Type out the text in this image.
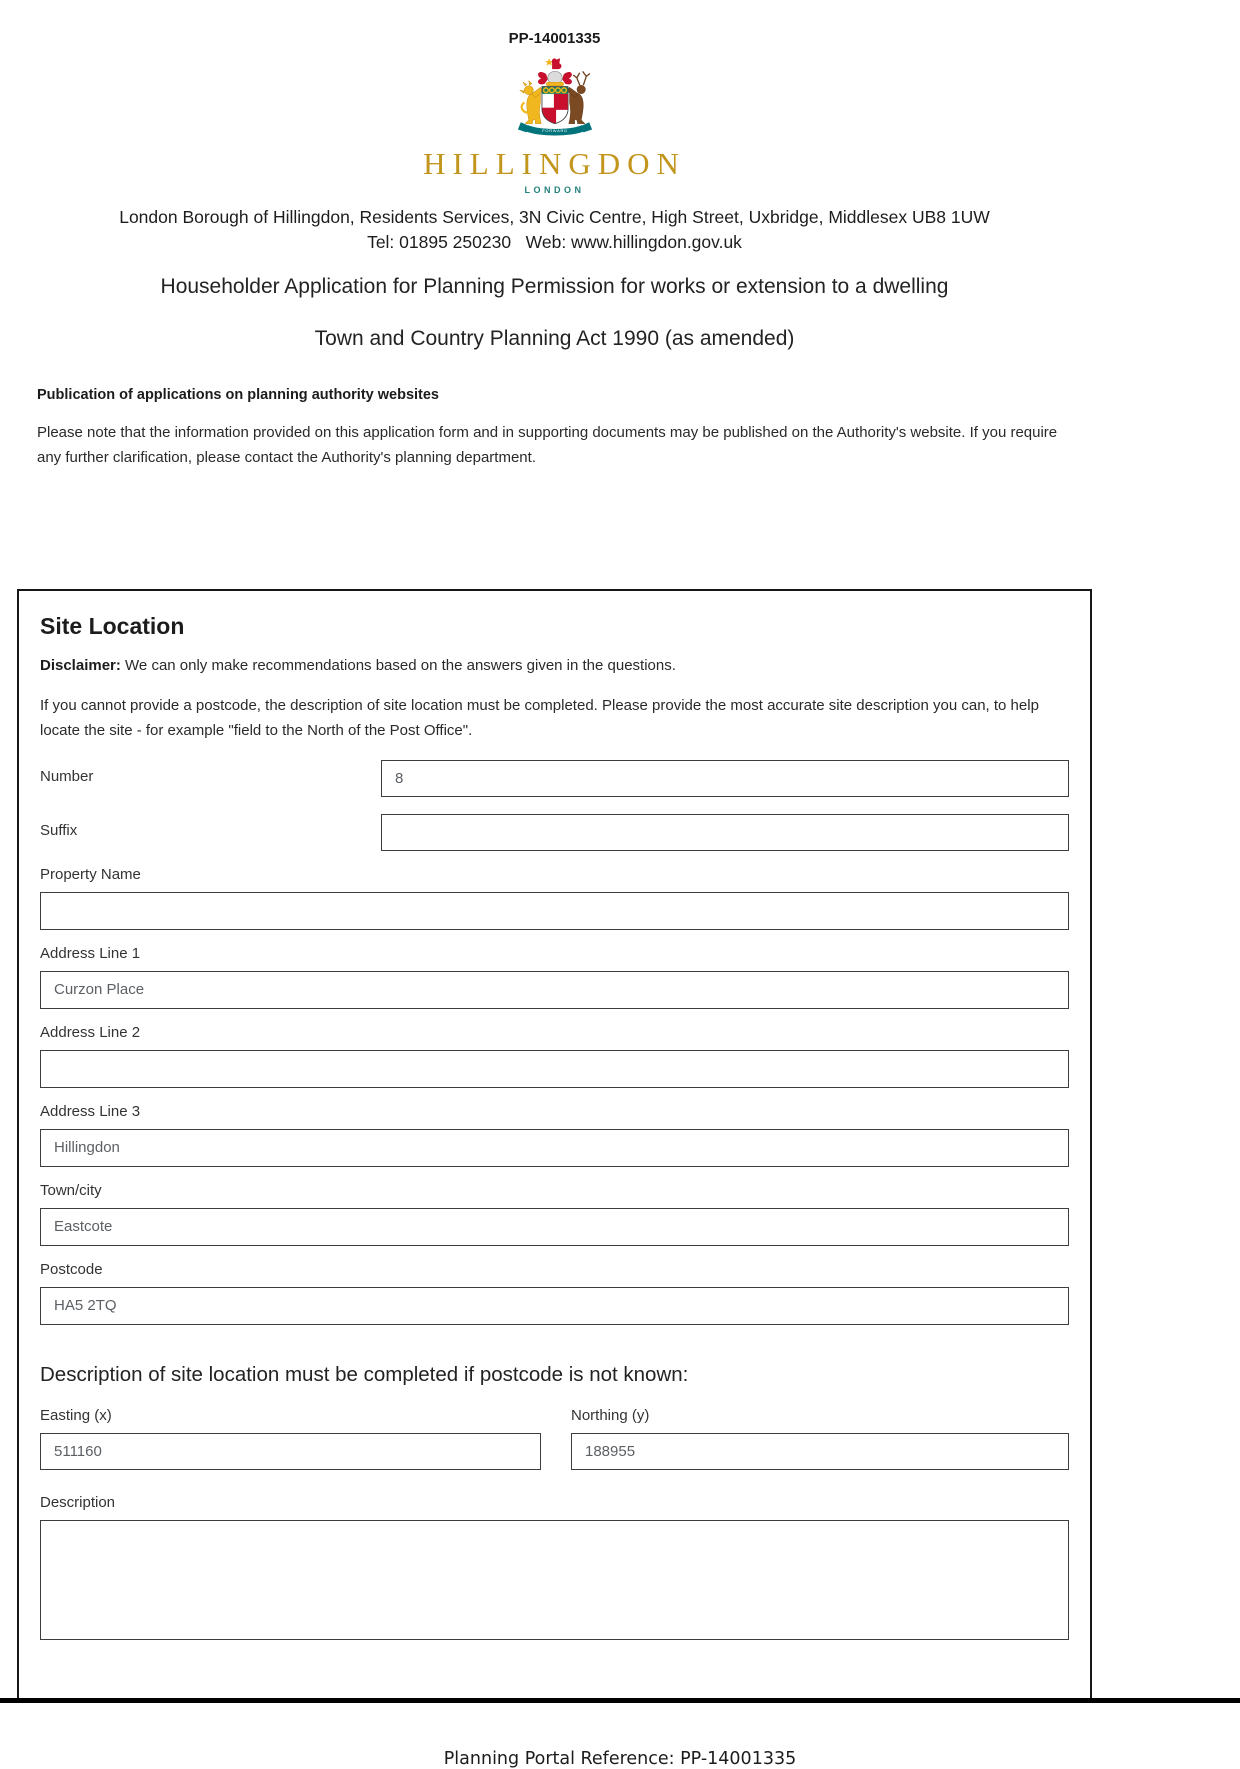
PP-14001335
FORWARD
HILLINGDON
LONDON
London Borough of Hillingdon, Residents Services, 3N Civic Centre, High Street, Uxbridge, Middlesex UB8 1UW
Tel: 01895 250230   Web: www.hillingdon.gov.uk
Householder Application for Planning Permission for works or extension to a dwelling
Town and Country Planning Act 1990 (as amended)
Publication of applications on planning authority websites
Please note that the information provided on this application form and in supporting documents may be published on the Authority's website. If you require any further clarification, please contact the Authority's planning department.
Site Location
Disclaimer: We can only make recommendations based on the answers given in the questions.
If you cannot provide a postcode, the description of site location must be completed. Please provide the most accurate site description you can, to help locate the site - for example "field to the North of the Post Office".
Number
8
Suffix
Property Name
Address Line 1
Curzon Place
Address Line 2
Address Line 3
Hillingdon
Town/city
Eastcote
Postcode
HA5 2TQ
Description of site location must be completed if postcode is not known:
Easting (x)
511160	Northing (y)
188955
Description
Planning Portal Reference: PP-14001335
